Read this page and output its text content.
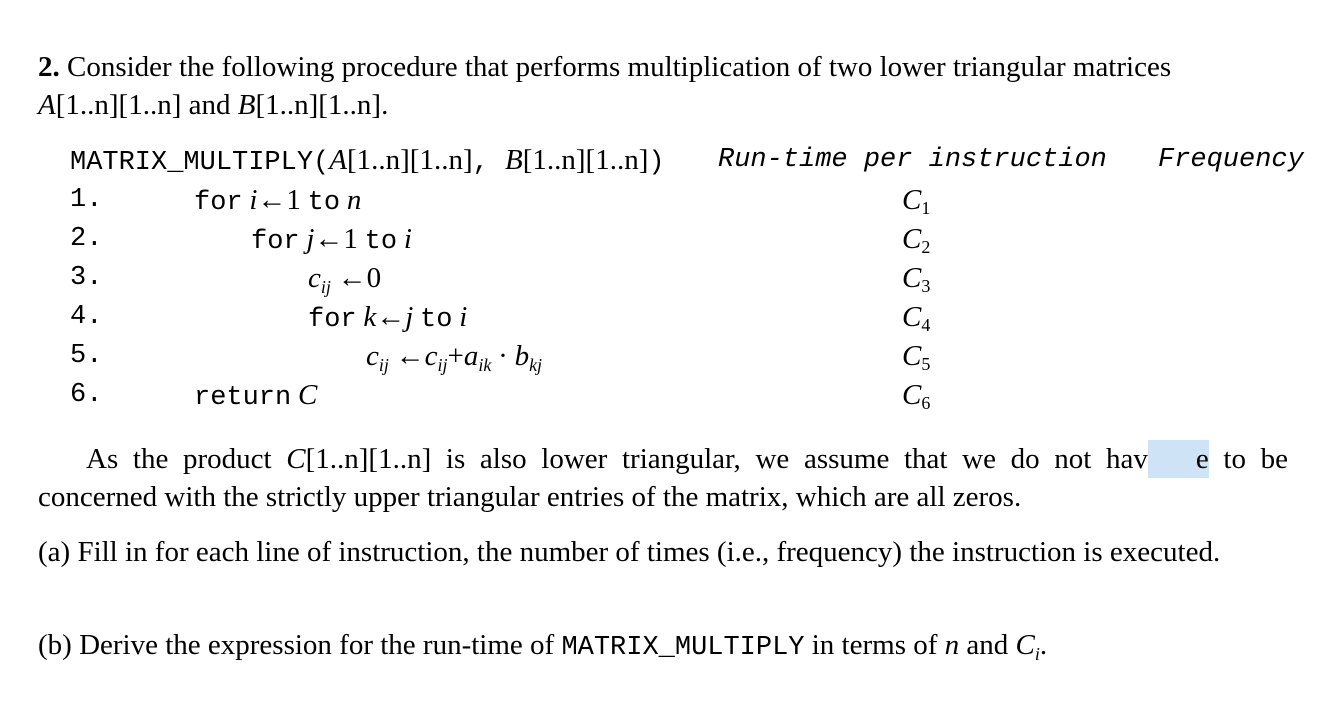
2. Consider the following procedure that performs multiplication of two lower triangular matrices
A[1..n][1..n] and B[1..n][1..n].
MATRIX_MULTIPLY(A[1..n][1..n], B[1..n][1..n]) Run-time per instruction Frequency
1.	for i←1 to n	$C_1$
2.	for j←1 to i	$C_2$
3.	$c_{ij}$ ←0	$C_3$
4.	for k←j to i	$C_4$
5.	$c_{ij}$ $\leftarrow c_{ij}+a_{ik} \cdot b_{kj}$	$C_5$
6.	return C	$C_6$
As the product C[1..n][1..n] is also lower triangular, we assume that we do not hav e to be concerned with the strictly upper triangular entries of the matrix, which are all zeros.
(a) Fill in for each line of instruction, the number of times (i.e., frequency) the instruction is executed.
(b) Derive the expression for the run-time of MATRIX_MULTIPLY in terms of n and $C_i$.
